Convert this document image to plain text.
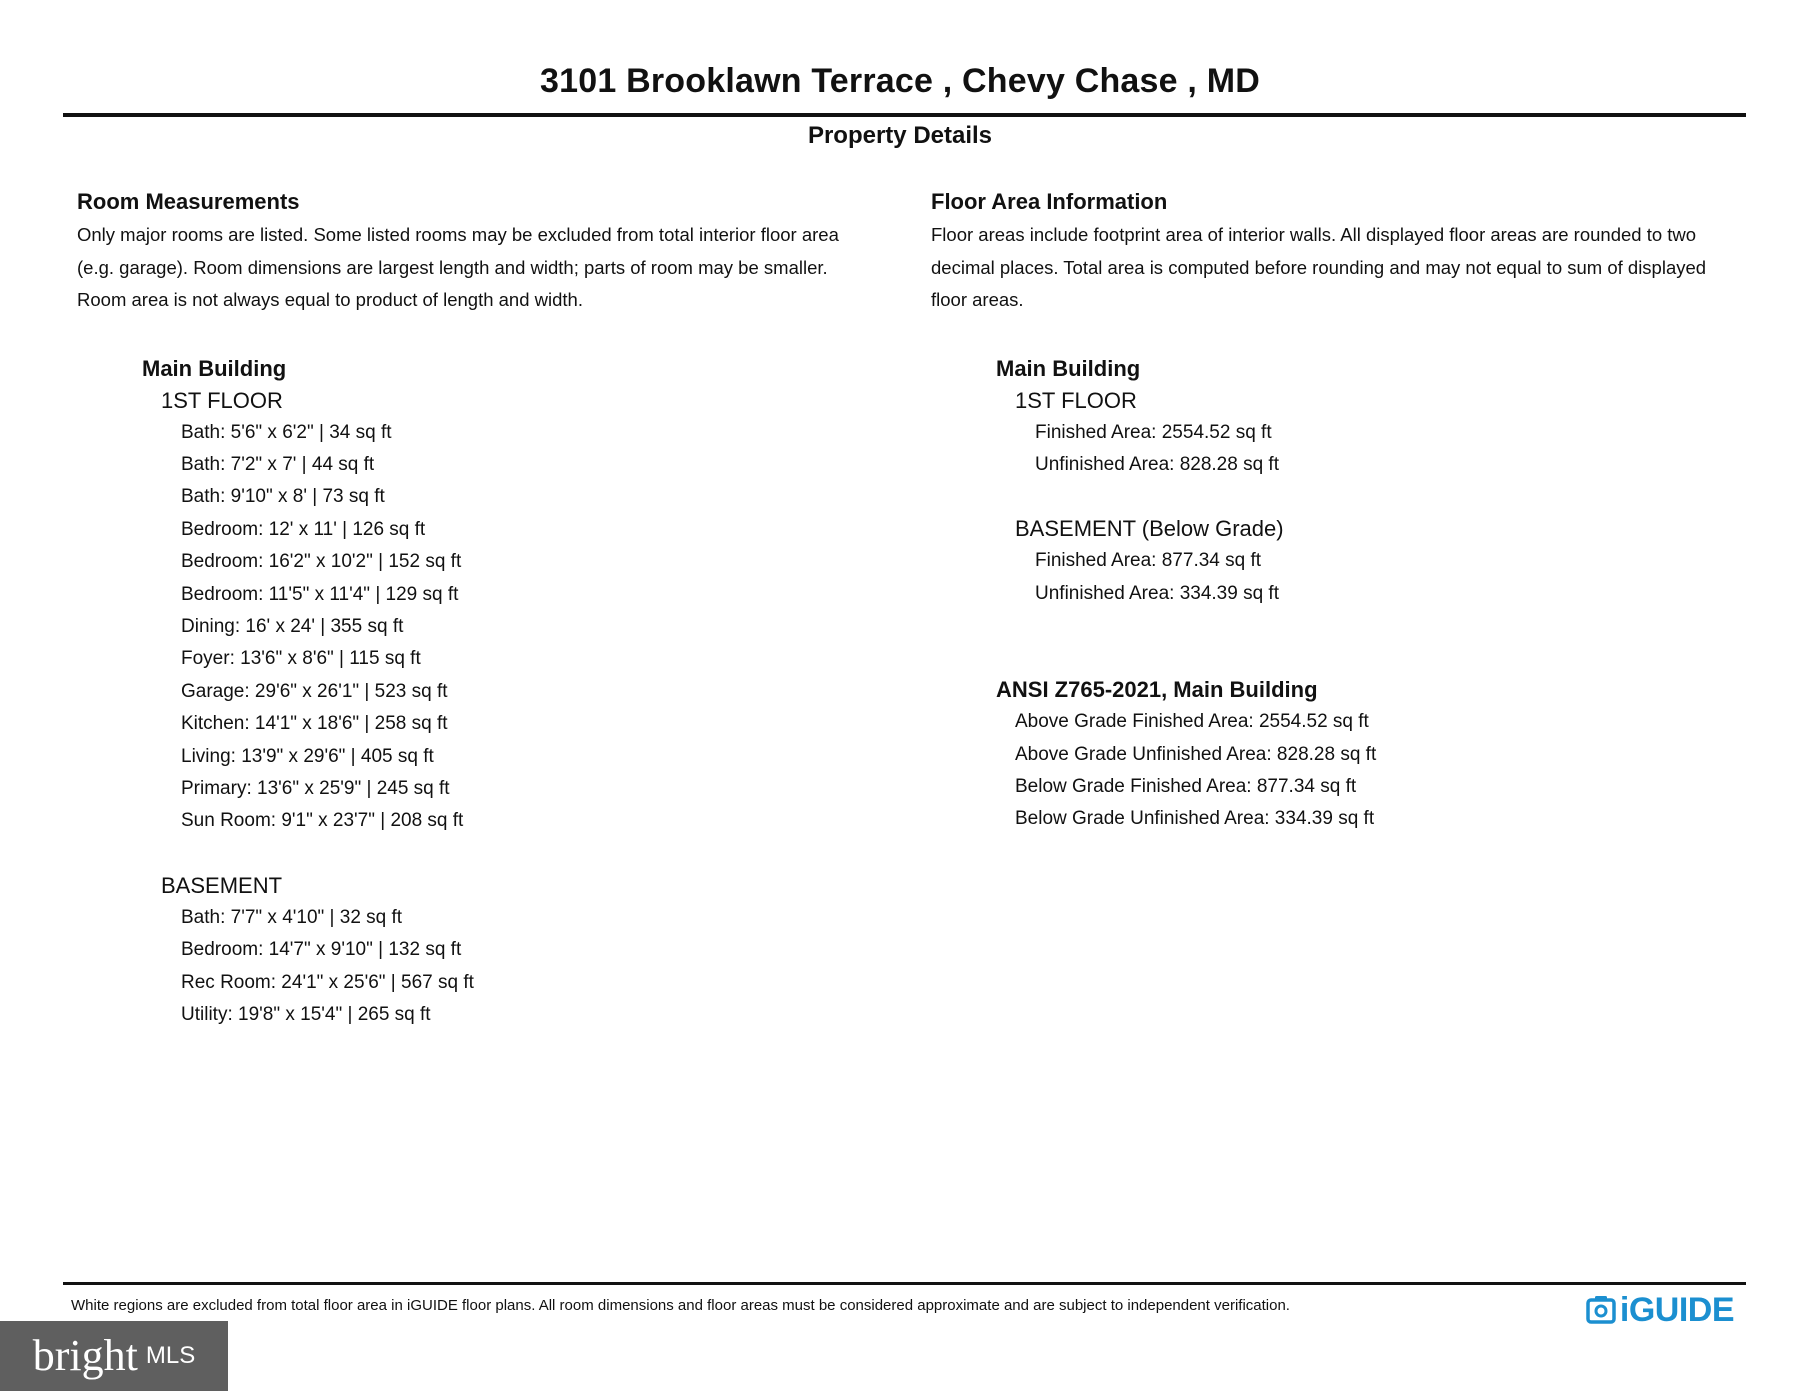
3101 Brooklawn Terrace , Chevy Chase , MD
Property Details
Room Measurements
Only major rooms are listed. Some listed rooms may be excluded from total interior floor area
(e.g. garage). Room dimensions are largest length and width; parts of room may be smaller.
Room area is not always equal to product of length and width.
Main Building
1ST FLOOR
Bath: 5'6" x 6'2" | 34 sq ft
Bath: 7'2" x 7' | 44 sq ft
Bath: 9'10" x 8' | 73 sq ft
Bedroom: 12' x 11' | 126 sq ft
Bedroom: 16'2" x 10'2" | 152 sq ft
Bedroom: 11'5" x 11'4" | 129 sq ft
Dining: 16' x 24' | 355 sq ft
Foyer: 13'6" x 8'6" | 115 sq ft
Garage: 29'6" x 26'1" | 523 sq ft
Kitchen: 14'1" x 18'6" | 258 sq ft
Living: 13'9" x 29'6" | 405 sq ft
Primary: 13'6" x 25'9" | 245 sq ft
Sun Room: 9'1" x 23'7" | 208 sq ft
BASEMENT
Bath: 7'7" x 4'10" | 32 sq ft
Bedroom: 14'7" x 9'10" | 132 sq ft
Rec Room: 24'1" x 25'6" | 567 sq ft
Utility: 19'8" x 15'4" | 265 sq ft
Floor Area Information
Floor areas include footprint area of interior walls. All displayed floor areas are rounded to two
decimal places. Total area is computed before rounding and may not equal to sum of displayed
floor areas.
Main Building
1ST FLOOR
Finished Area: 2554.52 sq ft
Unfinished Area: 828.28 sq ft
BASEMENT (Below Grade)
Finished Area: 877.34 sq ft
Unfinished Area: 334.39 sq ft
ANSI Z765-2021, Main Building
Above Grade Finished Area: 2554.52 sq ft
Above Grade Unfinished Area: 828.28 sq ft
Below Grade Finished Area: 877.34 sq ft
Below Grade Unfinished Area: 334.39 sq ft
White regions are excluded from total floor area in iGUIDE floor plans. All room dimensions and floor areas must be considered approximate and are subject to independent verification.	iGUIDE
bright MLS
